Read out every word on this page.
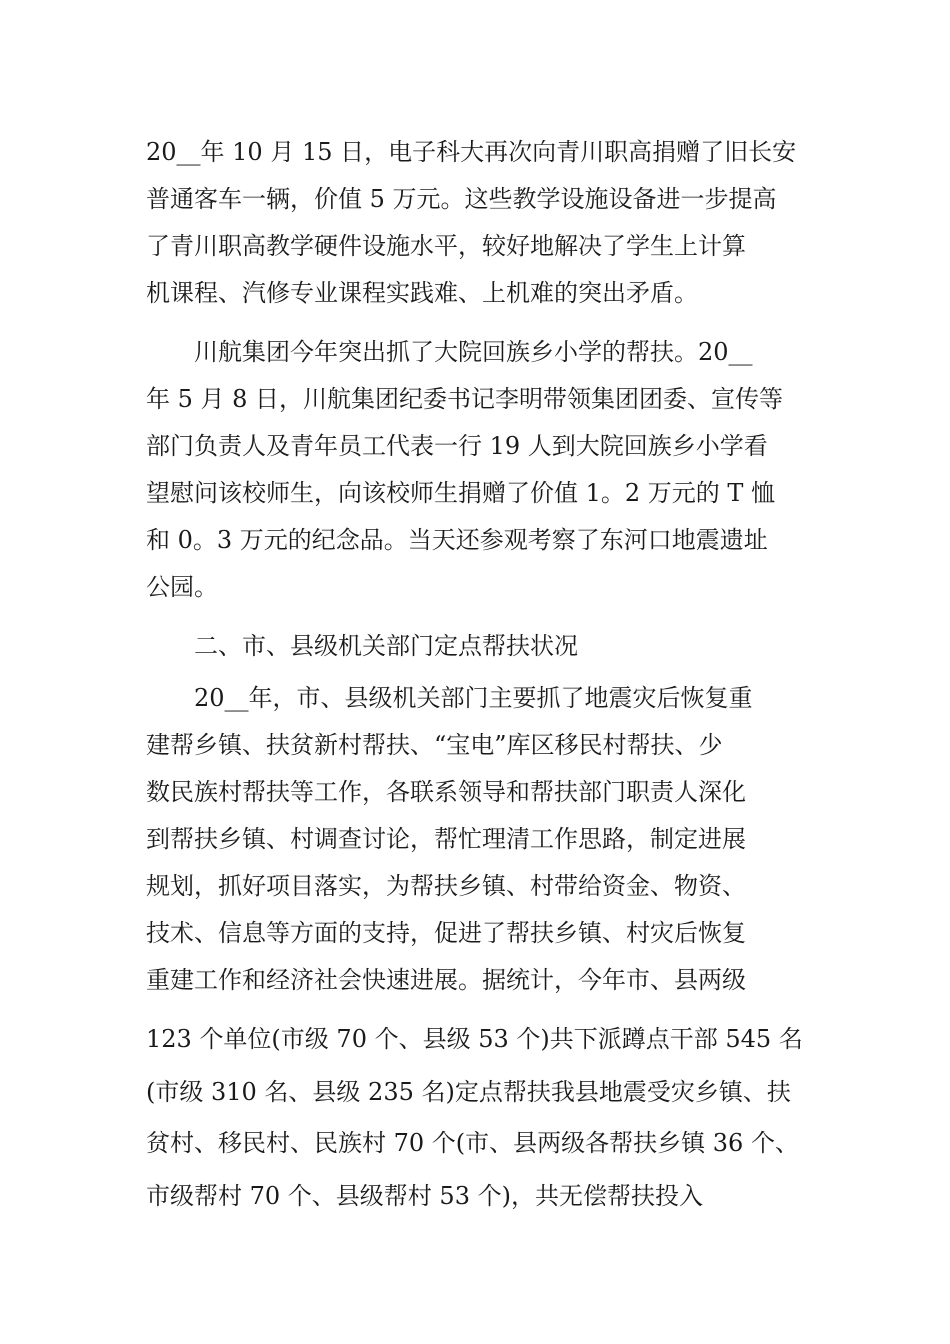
20__年 10 月 15 日，电子科大再次向青川职高捐赠了旧长安
普通客车一辆，价值 5 万元。这些教学设施设备进一步提高
了青川职高教学硬件设施水平，较好地解决了学生上计算
机课程、汽修专业课程实践难、上机难的突出矛盾。
川航集团今年突出抓了大院回族乡小学的帮扶。20__
年 5 月 8 日，川航集团纪委书记李明带领集团团委、宣传等
部门负责人及青年员工代表一行 19 人到大院回族乡小学看
望慰问该校师生，向该校师生捐赠了价值 1。2 万元的 T 恤
和 0。3 万元的纪念品。当天还参观考察了东河口地震遗址
公园。
二、市、县级机关部门定点帮扶状况
20__年，市、县级机关部门主要抓了地震灾后恢复重
建帮乡镇、扶贫新村帮扶、“宝电”库区移民村帮扶、少
数民族村帮扶等工作，各联系领导和帮扶部门职责人深化
到帮扶乡镇、村调查讨论，帮忙理清工作思路，制定进展
规划，抓好项目落实，为帮扶乡镇、村带给资金、物资、
技术、信息等方面的支持，促进了帮扶乡镇、村灾后恢复
重建工作和经济社会快速进展。据统计，今年市、县两级
123 个单位(市级 70 个、县级 53 个)共下派蹲点干部 545 名
(市级 310 名、县级 235 名)定点帮扶我县地震受灾乡镇、扶
贫村、移民村、民族村 70 个(市、县两级各帮扶乡镇 36 个、
市级帮村 70 个、县级帮村 53 个)，共无偿帮扶投入
